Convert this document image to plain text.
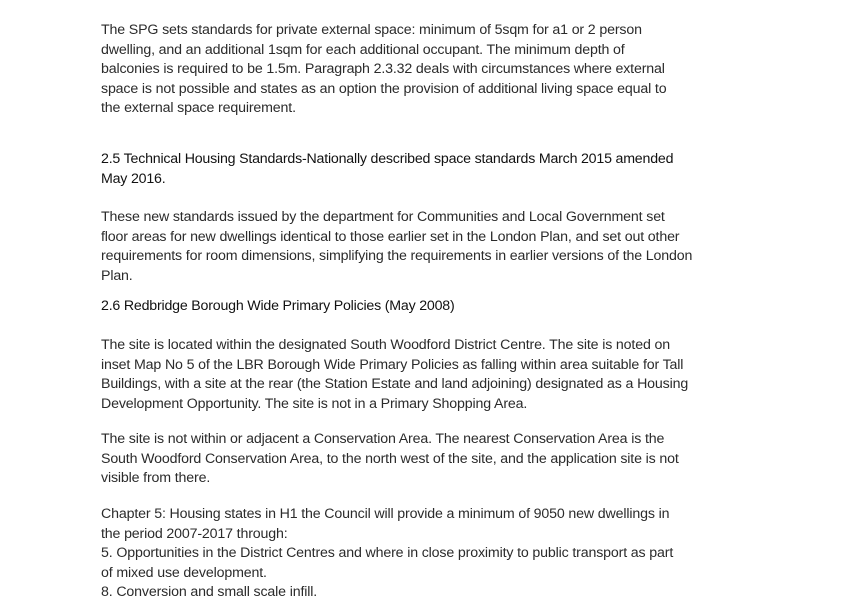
The SPG sets standards for private external space: minimum of 5sqm for a1 or 2 person
dwelling, and an additional 1sqm for each additional occupant. The minimum depth of
balconies is required to be 1.5m. Paragraph 2.3.32 deals with circumstances where external
space is not possible and states as an option the provision of additional living space equal to
the external space requirement.
2.5 Technical Housing Standards-Nationally described space standards March 2015 amended
May 2016.
These new standards issued by the department for Communities and Local Government set
floor areas for new dwellings identical to those earlier set in the London Plan, and set out other
requirements for room dimensions, simplifying the requirements in earlier versions of the London
Plan.
2.6 Redbridge Borough Wide Primary Policies (May 2008)
The site is located within the designated South Woodford District Centre. The site is noted on
inset Map No 5 of the LBR Borough Wide Primary Policies as falling within area suitable for Tall
Buildings, with a site at the rear (the Station Estate and land adjoining) designated as a Housing
Development Opportunity. The site is not in a Primary Shopping Area.
The site is not within or adjacent a Conservation Area. The nearest Conservation Area is the
South Woodford Conservation Area, to the north west of the site, and the application site is not
visible from there.
Chapter 5: Housing states in H1 the Council will provide a minimum of 9050 new dwellings in
the period 2007-2017 through:
5. Opportunities in the District Centres and where in close proximity to public transport as part
of mixed use development.
8. Conversion and small scale infill.
